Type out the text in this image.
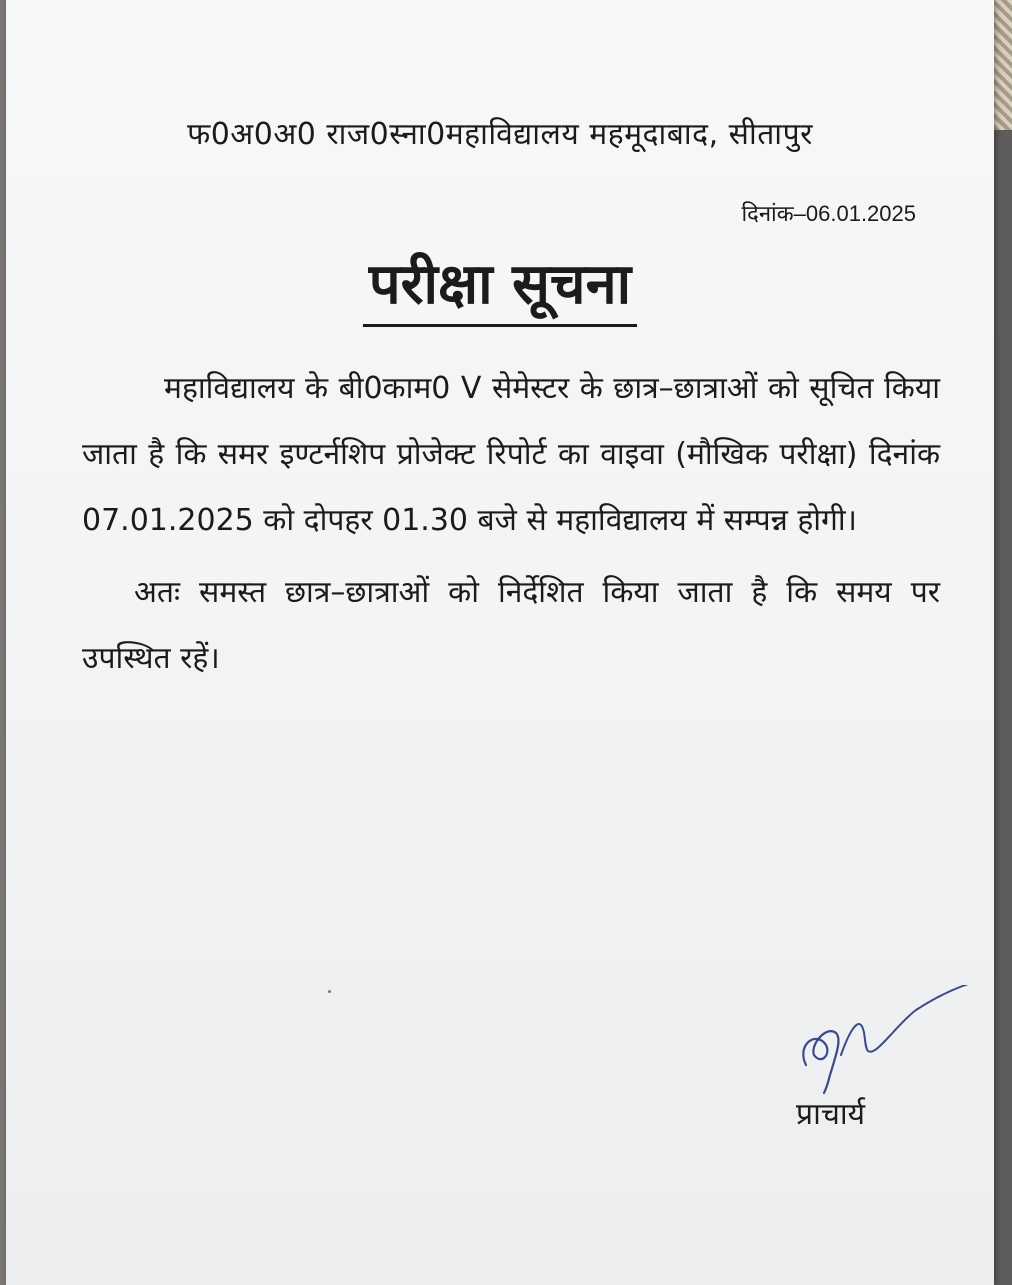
फ0अ0अ0 राज0स्ना0महाविद्यालय महमूदाबाद, सीतापुर
दिनांक–06.01.2025
परीक्षा सूचना

महाविद्यालय के बी0काम0 V सेमेस्टर के छात्र–छात्राओं को सूचित किया जाता है कि समर इण्टर्नशिप प्रोजेक्ट रिपोर्ट का वाइवा (मौखिक परीक्षा) दिनांक 07.01.2025 को दोपहर 01.30 बजे से महाविद्यालय में सम्पन्न होगी।

अतः समस्त छात्र–छात्राओं को निर्देशित किया जाता है कि समय पर उपस्थित रहें।

प्राचार्य
